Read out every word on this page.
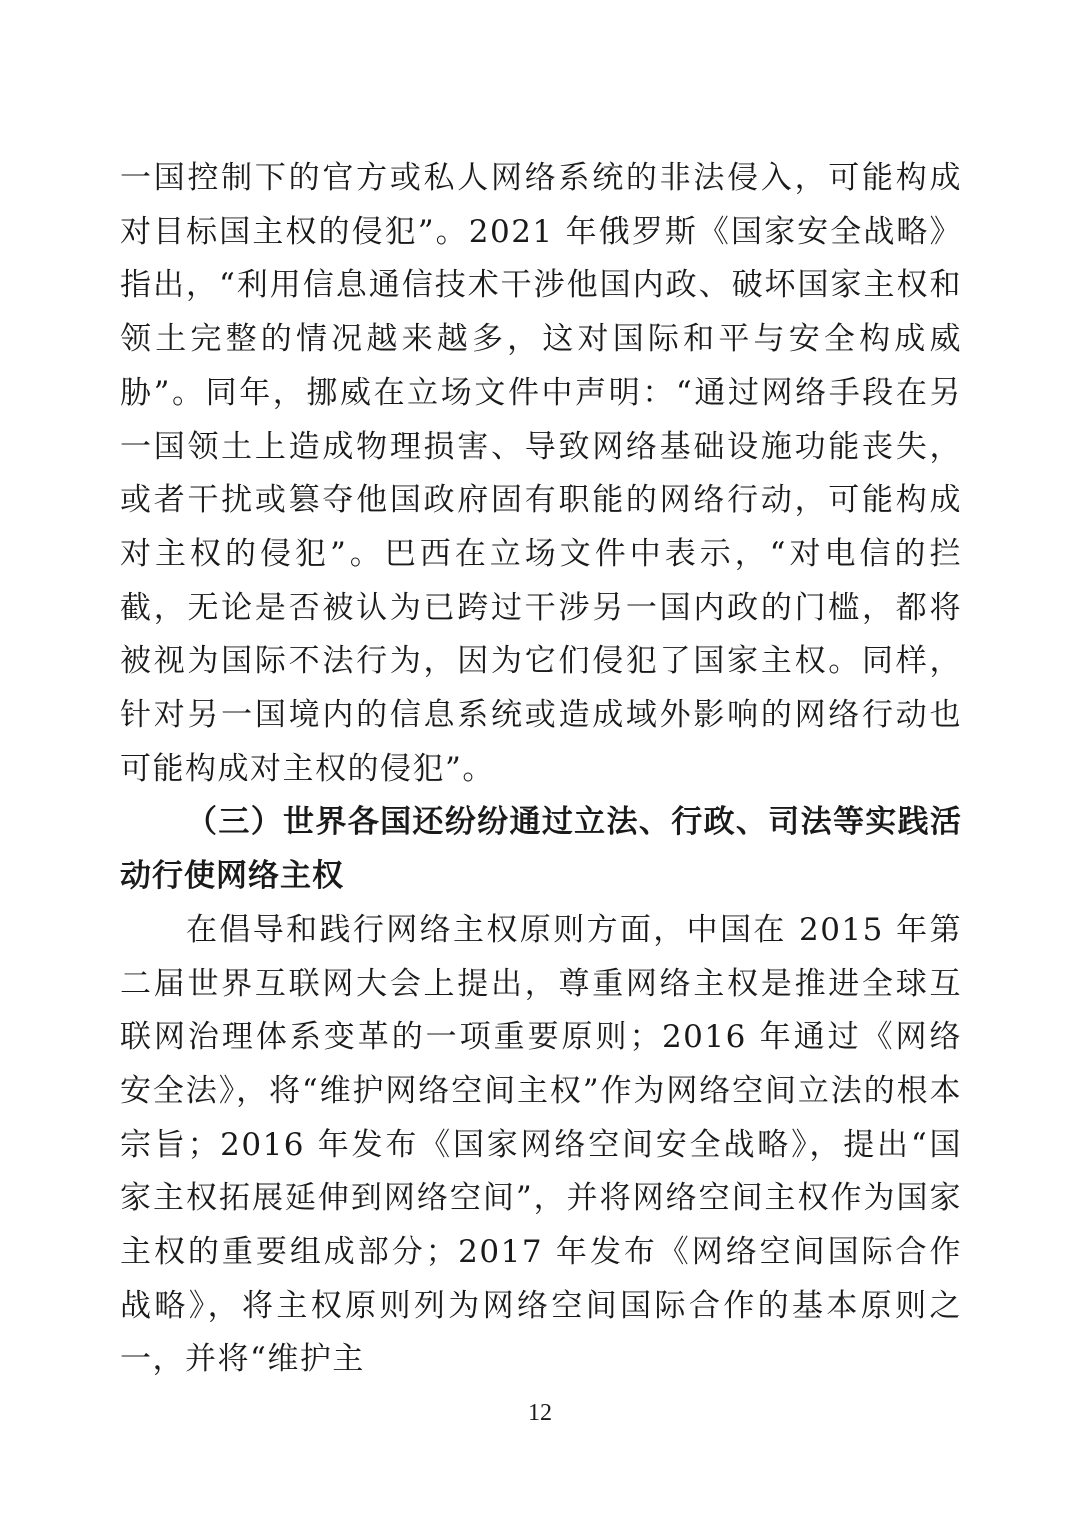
一国控制下的官方或私人网络系统的非法侵入，可能构成对目标国主权的侵犯”。2021 年俄罗斯《国家安全战略》指出，“利用信息通信技术干涉他国内政、破坏国家主权和领土完整的情况越来越多，这对国际和平与安全构成威胁”。同年，挪威在立场文件中声明：“通过网络手段在另一国领土上造成物理损害、导致网络基础设施功能丧失，或者干扰或篡夺他国政府固有职能的网络行动，可能构成对主权的侵犯”。巴西在立场文件中表示，“对电信的拦截，无论是否被认为已跨过干涉另一国内政的门槛，都将被视为国际不法行为，因为它们侵犯了国家主权。同样，针对另一国境内的信息系统或造成域外影响的网络行动也可能构成对主权的侵犯”。

（三）世界各国还纷纷通过立法、行政、司法等实践活动行使网络主权

在倡导和践行网络主权原则方面，中国在 2015 年第二届世界互联网大会上提出，尊重网络主权是推进全球互联网治理体系变革的一项重要原则；2016 年通过《网络安全法》，将“维护网络空间主权”作为网络空间立法的根本宗旨；2016 年发布《国家网络空间安全战略》，提出“国家主权拓展延伸到网络空间”，并将网络空间主权作为国家主权的重要组成部分；2017 年发布《网络空间国际合作战略》，将主权原则列为网络空间国际合作的基本原则之一，并将“维护主

12
